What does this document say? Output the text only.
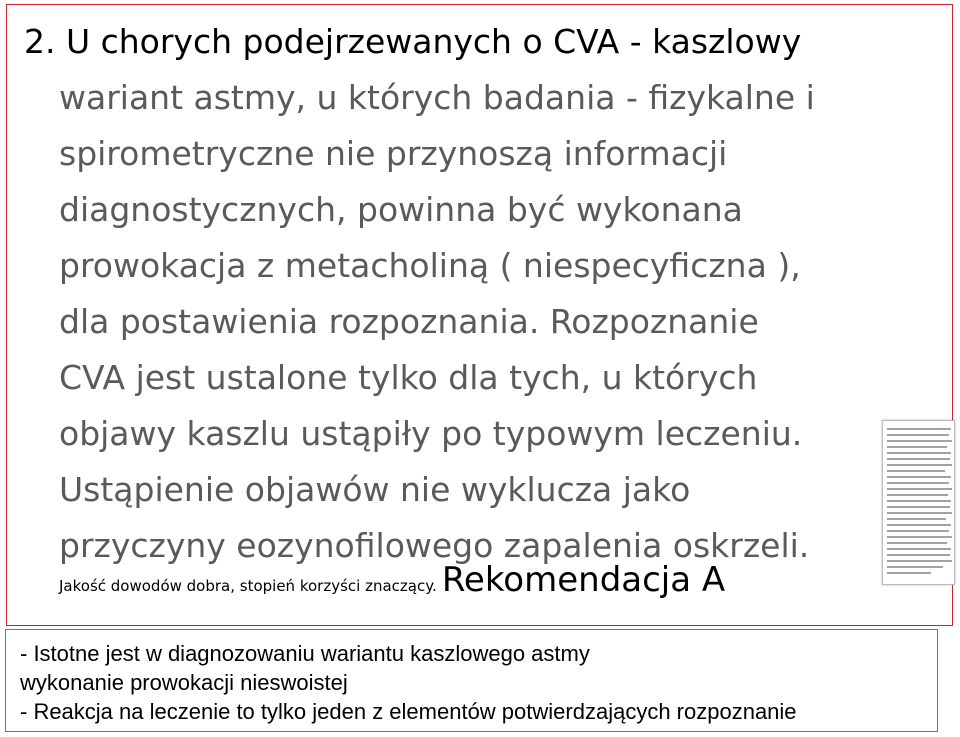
2. U chorych podejrzewanych o CVA - kaszlowy
wariant astmy, u których badania - fizykalne i
spirometryczne nie przynoszą informacji
diagnostycznych, powinna być wykonana
prowokacja z metacholiną ( niespecyficzna ),
dla postawienia rozpoznania. Rozpoznanie
CVA jest ustalone tylko dla tych, u których
objawy kaszlu ustąpiły po typowym leczeniu.
Ustąpienie objawów nie wyklucza jako
przyczyny eozynofilowego zapalenia oskrzeli.
Jakość dowodów dobra, stopień korzyści znaczący. Rekomendacja A
- Istotne jest w diagnozowaniu wariantu kaszlowego astmy
wykonanie prowokacji nieswoistej
- Reakcja na leczenie to tylko jeden z elementów potwierdzających rozpoznanie
